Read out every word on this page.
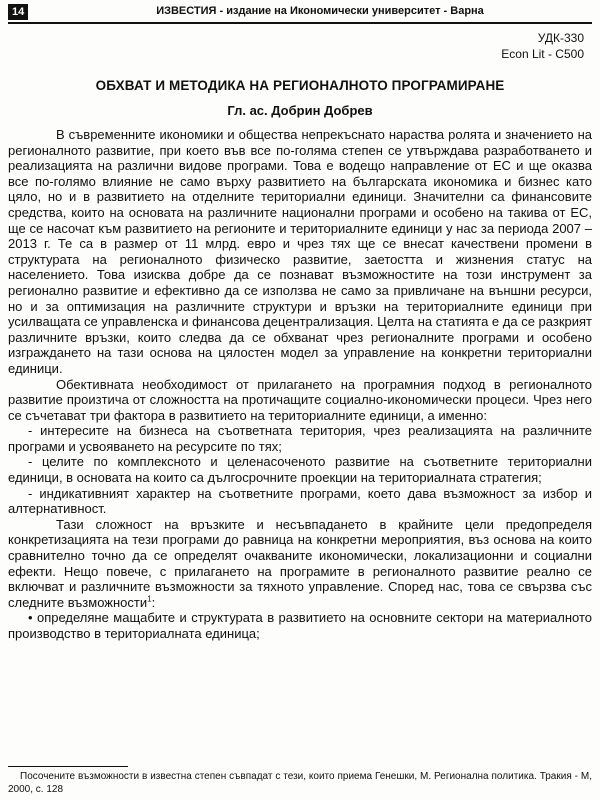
14	ИЗВЕСТИЯ - издание на Икономически университет - Варна
УДК-330
Econ Lit - C500
ОБХВАТ И МЕТОДИКА НА РЕГИОНАЛНОТО ПРОГРАМИРАНЕ
Гл. ас. Добрин Добрев

В съвременните икономики и общества непрекъснато нараства ролята и значението на регионалното развитие, при което във все по-голяма степен се утвърждава разработването и реализацията на различни видове програми. Това е водещо направление от ЕС и ще оказва все по-голямо влияние не само върху развитието на българската икономика и бизнес като цяло, но и в развитието на отделните териториални единици. Значителни са финансовите средства, които на основата на различните национални програми и особено на такива от ЕС, ще се насочат към развитието на регионите и териториалните единици у нас за периода 2007 – 2013 г. Те са в размер от 11 млрд. евро и чрез тях ще се внесат качествени промени в структурата на регионалното физическо развитие, заетостта и жизнения статус на населението. Това изисква добре да се познават възможностите на този инструмент за регионално развитие и ефективно да се използва не само за привличане на външни ресурси, но и за оптимизация на различните структури и връзки на териториалните единици при усилващата се управленска и финансова децентрализация. Целта на статията е да се разкрият различните връзки, които следва да се обхванат чрез регионалните програми и особено изграждането на тази основа на цялостен модел за управление на конкретни териториални единици.

Обективната необходимост от прилагането на програмния подход в регионалното развитие произтича от сложността на протичащите социално-икономически процеси. Чрез него се съчетават три фактора в развитието на териториалните единици, а именно:

- интересите на бизнеса на съответната територия, чрез реализацията на различните програми и усвояването на ресурсите по тях;

- целите по комплексното и целенасоченото развитие на съответните териториални единици, в основата на които са дългосрочните проекции на териториалната стратегия;

- индикативният характер на съответните програми, което дава възможност за избор и алтернативност.

Тази сложност на връзките и несъвпадането в крайните цели предопределя конкретизацията на тези програми до равница на конкретни мероприятия, въз основа на които сравнително точно да се определят очакваните икономически, локализационни и социални ефекти. Нещо повече, с прилагането на програмите в регионалното развитие реално се включват и различните възможности за тяхното управление. Според нас, това се свързва със следните възможности$^1$:

• определяне мащабите и структурата в развитието на основните сектори на материалното производство в териториалната единица;

Посочените възможности в известна степен съвпадат с тези, които приема Генешки, М. Регионална политика. Тракия - М, 2000, с. 128
